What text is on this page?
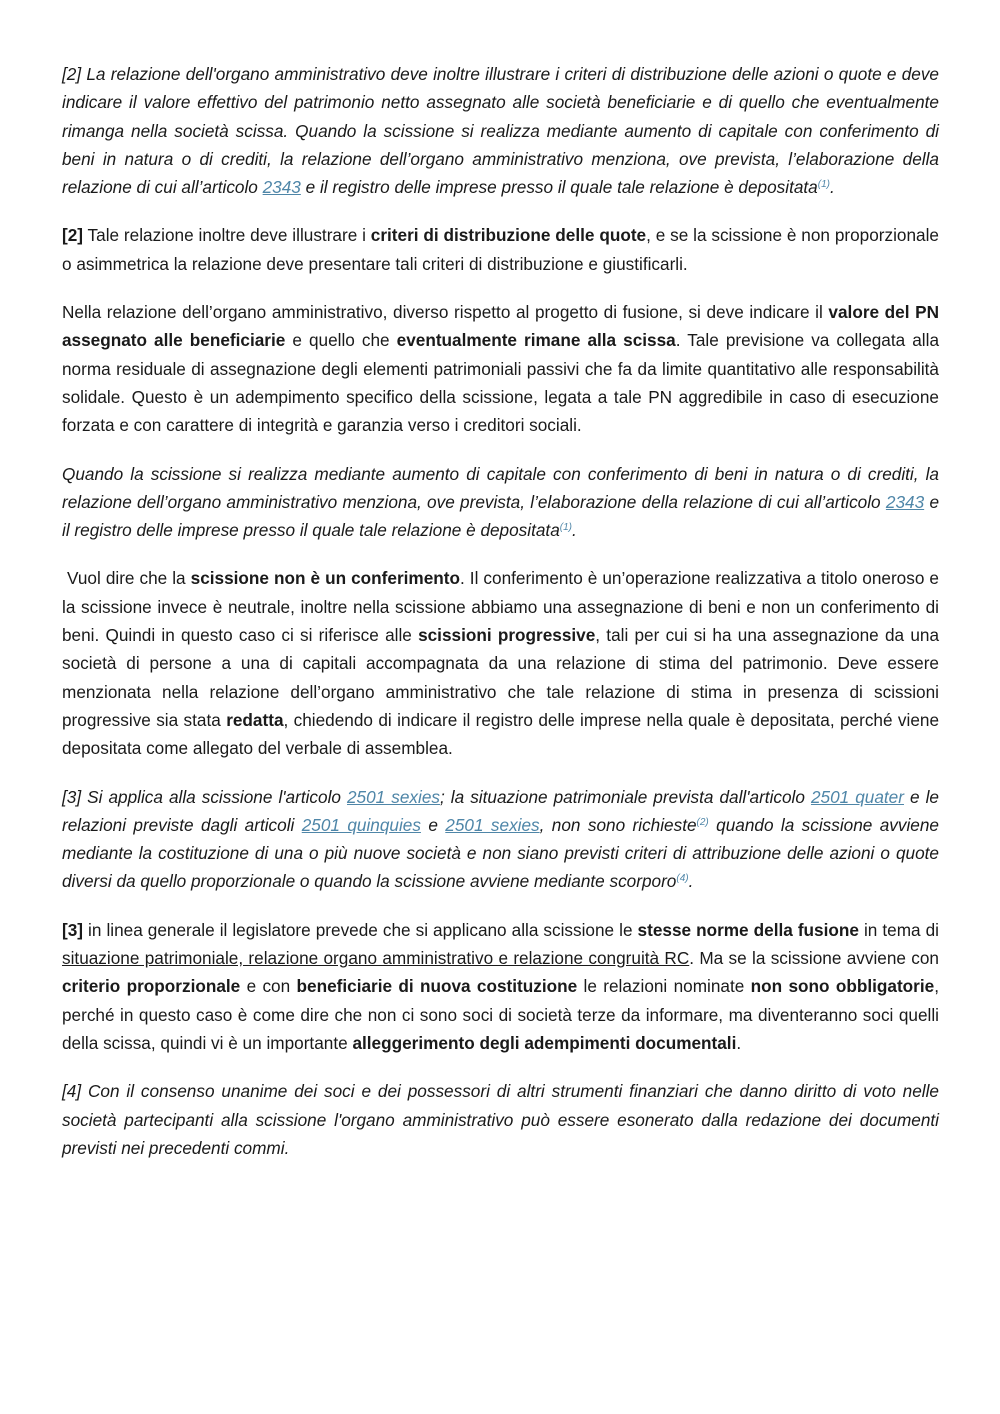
[2] La relazione dell'organo amministrativo deve inoltre illustrare i criteri di distribuzione delle azioni o quote e deve indicare il valore effettivo del patrimonio netto assegnato alle società beneficiarie e di quello che eventualmente rimanga nella società scissa. Quando la scissione si realizza mediante aumento di capitale con conferimento di beni in natura o di crediti, la relazione dell’organo amministrativo menziona, ove prevista, l’elaborazione della relazione di cui all’articolo 2343 e il registro delle imprese presso il quale tale relazione è depositata$^{(1)}$.

[2] Tale relazione inoltre deve illustrare i criteri di distribuzione delle quote, e se la scissione è non proporzionale o asimmetrica la relazione deve presentare tali criteri di distribuzione e giustificarli.

Nella relazione dell’organo amministrativo, diverso rispetto al progetto di fusione, si deve indicare il valore del PN assegnato alle beneficiarie e quello che eventualmente rimane alla scissa. Tale previsione va collegata alla norma residuale di assegnazione degli elementi patrimoniali passivi che fa da limite quantitativo alle responsabilità solidale. Questo è un adempimento specifico della scissione, legata a tale PN aggredibile in caso di esecuzione forzata e con carattere di integrità e garanzia verso i creditori sociali.

Quando la scissione si realizza mediante aumento di capitale con conferimento di beni in natura o di crediti, la relazione dell’organo amministrativo menziona, ove prevista, l’elaborazione della relazione di cui all’articolo 2343 e il registro delle imprese presso il quale tale relazione è depositata$^{(1)}$.

Vuol dire che la scissione non è un conferimento. Il conferimento è un’operazione realizzativa a titolo oneroso e la scissione invece è neutrale, inoltre nella scissione abbiamo una assegnazione di beni e non un conferimento di beni. Quindi in questo caso ci si riferisce alle scissioni progressive, tali per cui si ha una assegnazione da una società di persone a una di capitali accompagnata da una relazione di stima del patrimonio. Deve essere menzionata nella relazione dell’organo amministrativo che tale relazione di stima in presenza di scissioni progressive sia stata redatta, chiedendo di indicare il registro delle imprese nella quale è depositata, perché viene depositata come allegato del verbale di assemblea.

[3] Si applica alla scissione l'articolo 2501 sexies; la situazione patrimoniale prevista dall'articolo 2501 quater e le relazioni previste dagli articoli 2501 quinquies e 2501 sexies, non sono richieste$^{(2)}$ quando la scissione avviene mediante la costituzione di una o più nuove società e non siano previsti criteri di attribuzione delle azioni o quote diversi da quello proporzionale o quando la scissione avviene mediante scorporo$^{(4)}$.

[3] in linea generale il legislatore prevede che si applicano alla scissione le stesse norme della fusione in tema di situazione patrimoniale, relazione organo amministrativo e relazione congruità RC. Ma se la scissione avviene con criterio proporzionale e con beneficiarie di nuova costituzione le relazioni nominate non sono obbligatorie, perché in questo caso è come dire che non ci sono soci di società terze da informare, ma diventeranno soci quelli della scissa, quindi vi è un importante alleggerimento degli adempimenti documentali.

[4] Con il consenso unanime dei soci e dei possessori di altri strumenti finanziari che danno diritto di voto nelle società partecipanti alla scissione l'organo amministrativo può essere esonerato dalla redazione dei documenti previsti nei precedenti commi.
